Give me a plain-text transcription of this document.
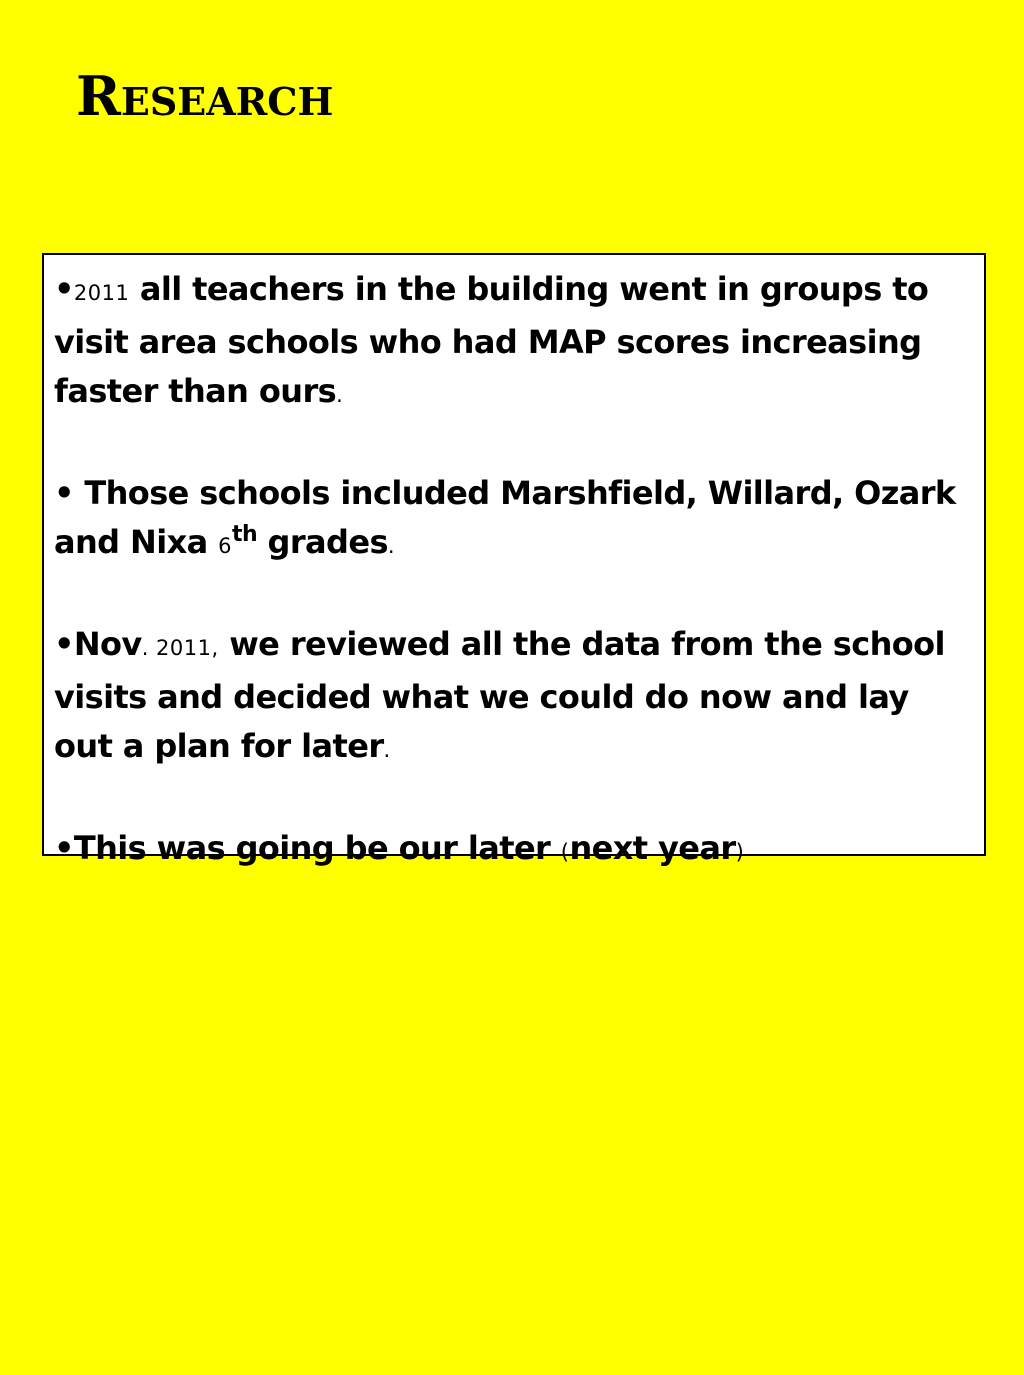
Research

•2011 all teachers in the building went in groups to visit area schools who had MAP scores increasing faster than ours.

• Those schools included Marshfield, Willard, Ozark and Nixa 6th grades.

•Nov. 2011, we reviewed all the data from the school visits and decided what we could do now and lay out a plan for later.

•This was going be our later (next year)
